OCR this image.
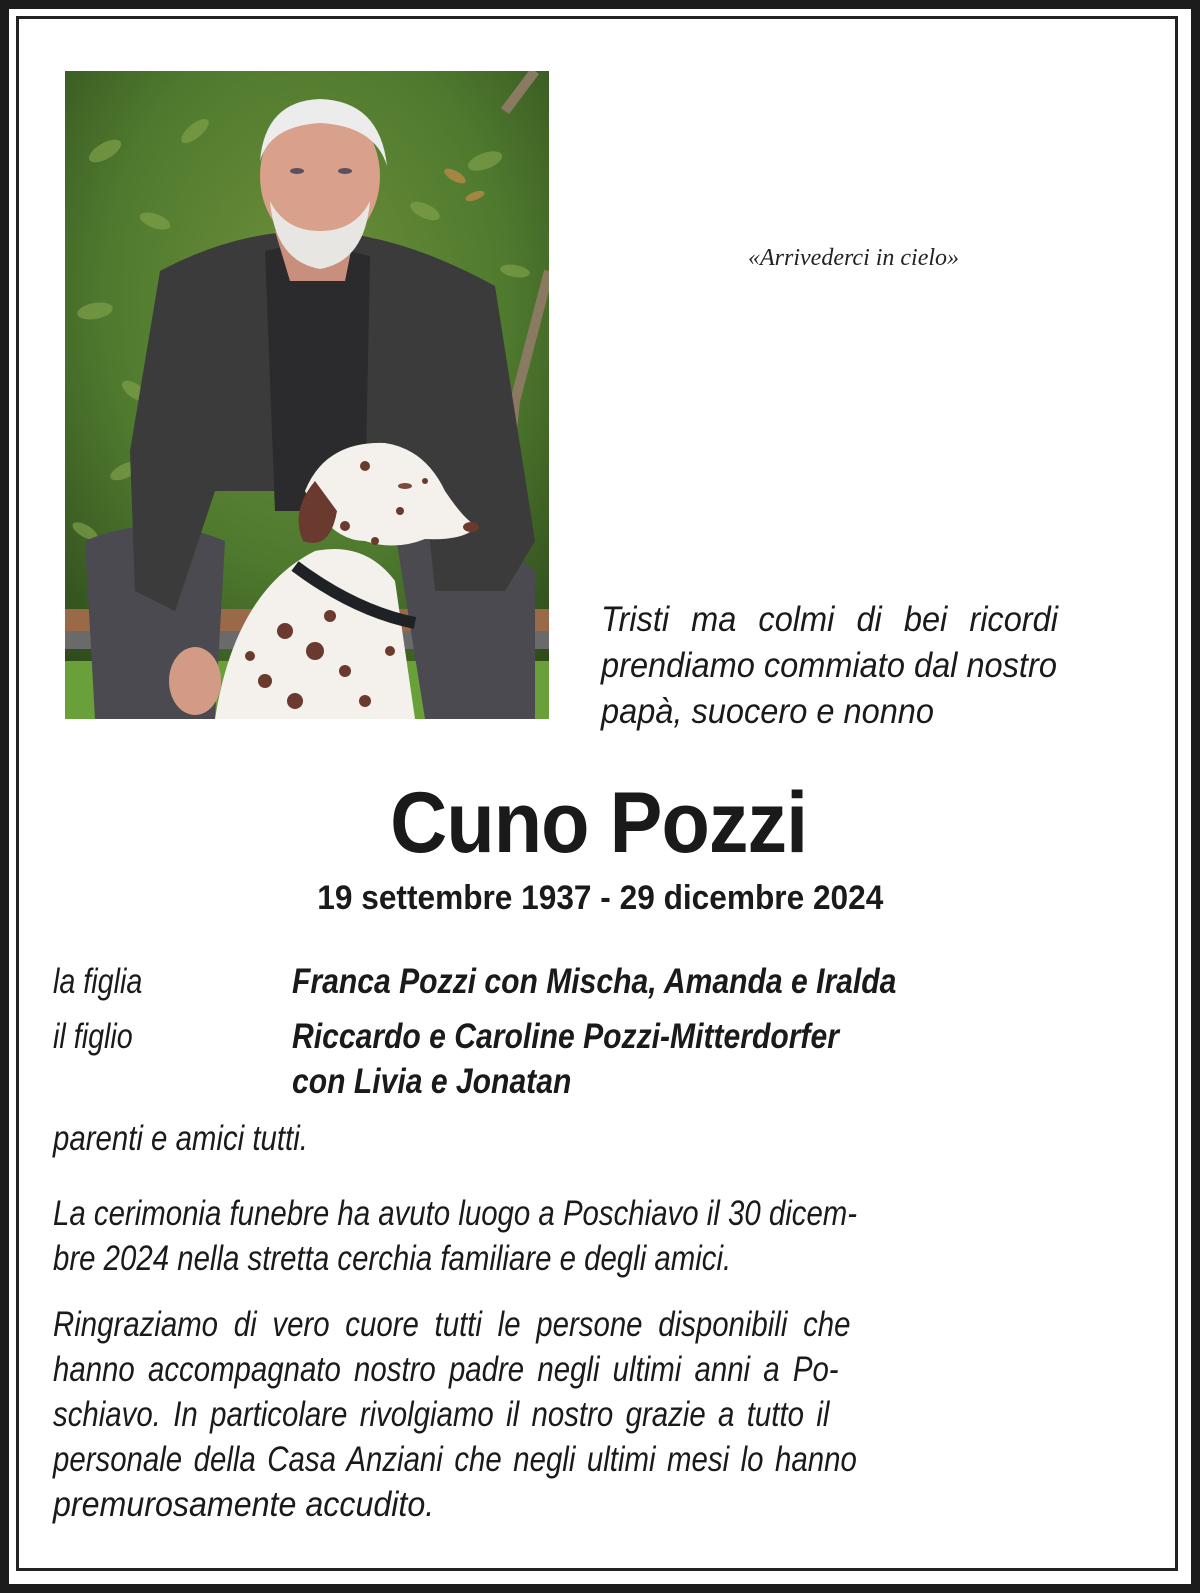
«Arrivederci in cielo»
Tristi ma colmi di bei ricordi
prendiamo commiato dal nostro
papà, suocero e nonno
Cuno Pozzi
19 settembre 1937 - 29 dicembre 2024
la figlia	Franca Pozzi con Mischa, Amanda e Iralda
il figlio	Riccardo e Caroline Pozzi-Mitterdorfer
con Livia e Jonatan
parenti e amici tutti.
La cerimonia funebre ha avuto luogo a Poschiavo il 30 dicem-
bre 2024 nella stretta cerchia familiare e degli amici.
Ringraziamo di vero cuore tutti le persone disponibili che
hanno accompagnato nostro padre negli ultimi anni a Po-
schiavo. In particolare rivolgiamo il nostro grazie a tutto il
personale della Casa Anziani che negli ultimi mesi lo hanno
premurosamente accudito.
